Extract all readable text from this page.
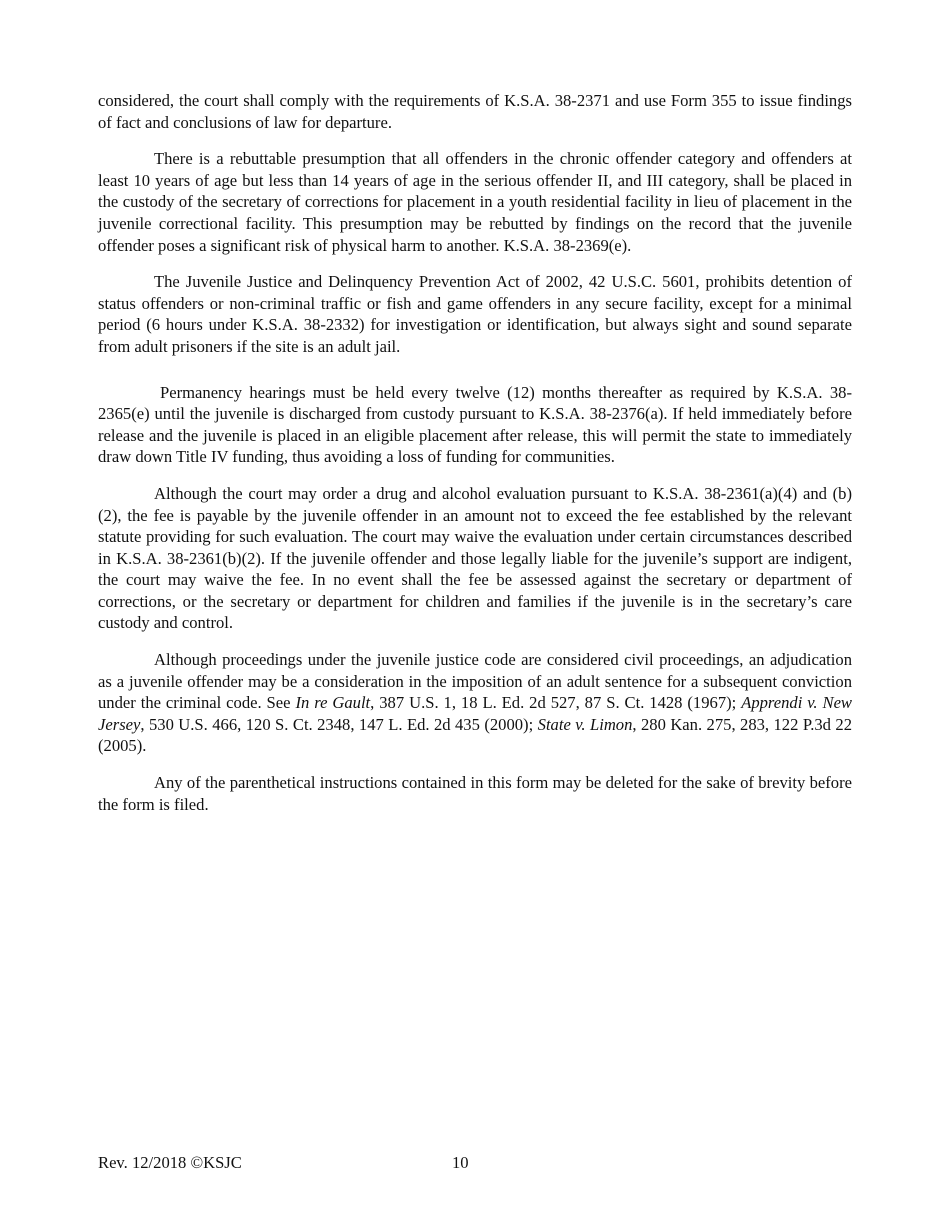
considered, the court shall comply with the requirements of K.S.A. 38-2371 and use Form 355 to issue findings of fact and conclusions of law for departure.

There is a rebuttable presumption that all offenders in the chronic offender category and offenders at least 10 years of age but less than 14 years of age in the serious offender II, and III category, shall be placed in the custody of the secretary of corrections for placement in a youth residential facility in lieu of placement in the juvenile correctional facility. This presumption may be rebutted by findings on the record that the juvenile offender poses a significant risk of physical harm to another. K.S.A. 38-2369(e).

The Juvenile Justice and Delinquency Prevention Act of 2002, 42 U.S.C. 5601, prohibits detention of status offenders or non-criminal traffic or fish and game offenders in any secure facility, except for a minimal period (6 hours under K.S.A. 38-2332) for investigation or identification, but always sight and sound separate from adult prisoners if the site is an adult jail.

Permanency hearings must be held every twelve (12) months thereafter as required by K.S.A. 38-2365(e) until the juvenile is discharged from custody pursuant to K.S.A. 38-2376(a). If held immediately before release and the juvenile is placed in an eligible placement after release, this will permit the state to immediately draw down Title IV funding, thus avoiding a loss of funding for communities.

Although the court may order a drug and alcohol evaluation pursuant to K.S.A. 38-2361(a)(4) and (b)(2), the fee is payable by the juvenile offender in an amount not to exceed the fee established by the relevant statute providing for such evaluation. The court may waive the evaluation under certain circumstances described in K.S.A. 38-2361(b)(2). If the juvenile offender and those legally liable for the juvenile’s support are indigent, the court may waive the fee. In no event shall the fee be assessed against the secretary or department of corrections, or the secretary or department for children and families if the juvenile is in the secretary’s care custody and control.

Although proceedings under the juvenile justice code are considered civil proceedings, an adjudication as a juvenile offender may be a consideration in the imposition of an adult sentence for a subsequent conviction under the criminal code. See In re Gault, 387 U.S. 1, 18 L. Ed. 2d 527, 87 S. Ct. 1428 (1967); Apprendi v. New Jersey, 530 U.S. 466, 120 S. Ct. 2348, 147 L. Ed. 2d 435 (2000); State v. Limon, 280 Kan. 275, 283, 122 P.3d 22 (2005).

Any of the parenthetical instructions contained in this form may be deleted for the sake of brevity before the form is filed.

Rev. 12/2018 ©KSJC	10
